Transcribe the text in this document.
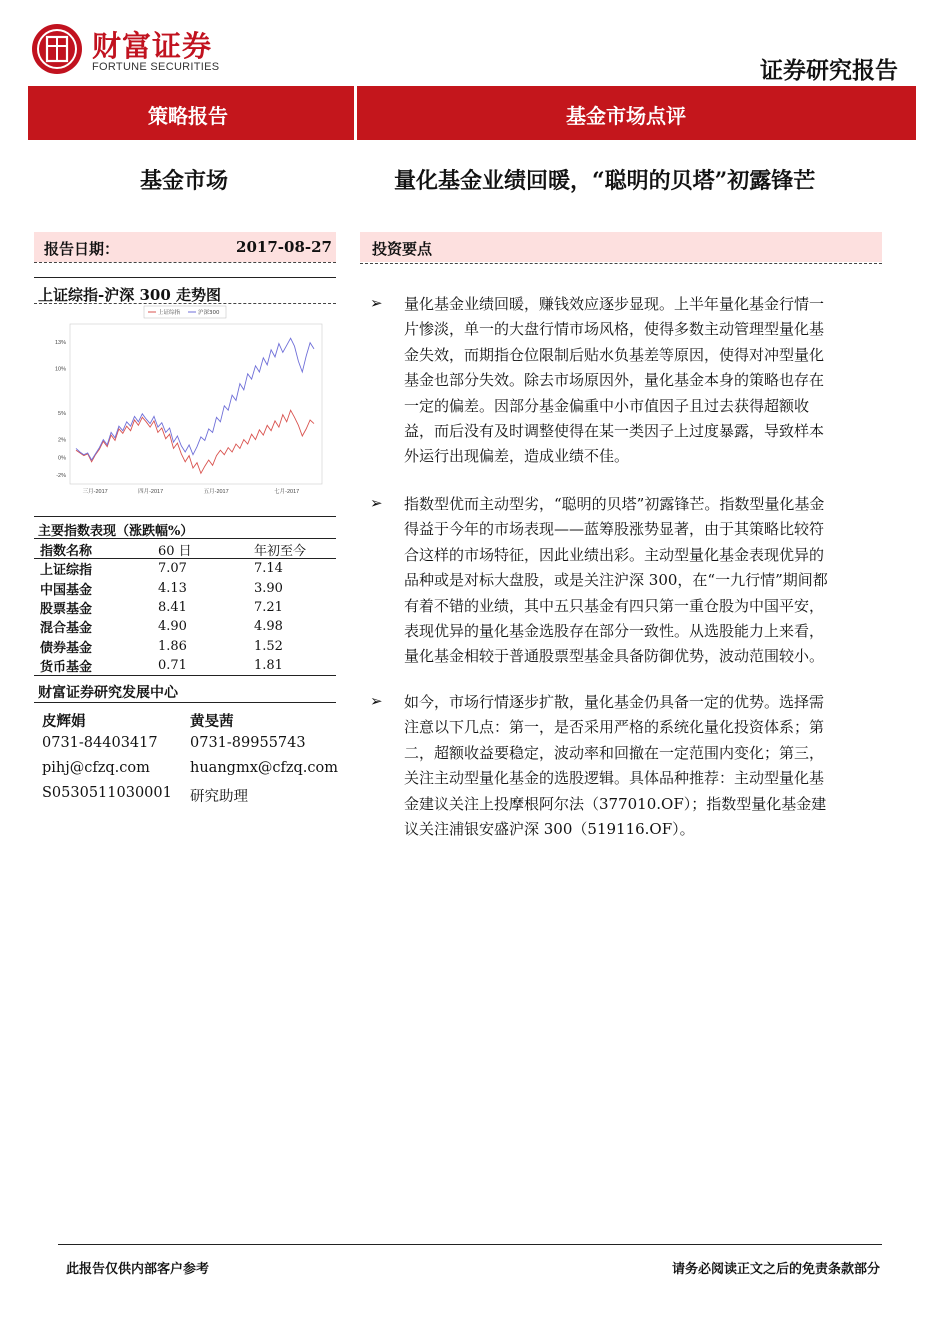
财富证券
FORTUNE SECURITIES	证券研究报告
策略报告	基金市场点评
基金市场	量化基金业绩回暖，“聪明的贝塔”初露锋芒
报告日期：	2017-08-27
上证综指-沪深 300 走势图
13%
10%
5%
2%
0%
-2%
三月-2017	四月-2017	五月-2017	七月-2017
上证综指	沪深300
主要指数表现（涨跌幅%）
指数名称	60 日	年初至今
上证综指	7.07	7.14
中国基金	4.13	3.90
股票基金	8.41	7.21
混合基金	4.90	4.98
债券基金	1.86	1.52
货币基金	0.71	1.81
财富证券研究发展中心
皮辉娟	黄旻茜
0731-84403417 0731-89955743
pihj@cfzq.com	huangmx@cfzq.com
S0530511030001 研究助理
投资要点
➢ 量化基金业绩回暖，赚钱效应逐步显现。上半年量化基金行情一
片惨淡，单一的大盘行情市场风格，使得多数主动管理型量化基
金失效，而期指仓位限制后贴水负基差等原因，使得对冲型量化
基金也部分失效。除去市场原因外，量化基金本身的策略也存在
一定的偏差。因部分基金偏重中小市值因子且过去获得超额收
益，而后没有及时调整使得在某一类因子上过度暴露，导致样本
外运行出现偏差，造成业绩不佳。
➢ 指数型优而主动型劣，“聪明的贝塔”初露锋芒。指数型量化基金
得益于今年的市场表现——蓝筹股涨势显著，由于其策略比较符
合这样的市场特征，因此业绩出彩。主动型量化基金表现优异的
品种或是对标大盘股，或是关注沪深 300，在“一九行情”期间都
有着不错的业绩，其中五只基金有四只第一重仓股为中国平安，
表现优异的量化基金选股存在部分一致性。从选股能力上来看，
量化基金相较于普通股票型基金具备防御优势，波动范围较小。
➢ 如今，市场行情逐步扩散，量化基金仍具备一定的优势。选择需
注意以下几点：第一，是否采用严格的系统化量化投资体系；第
二，超额收益要稳定，波动率和回撤在一定范围内变化；第三，
关注主动型量化基金的选股逻辑。具体品种推荐：主动型量化基
金建议关注上投摩根阿尔法（377010.OF）；指数型量化基金建
议关注浦银安盛沪深 300（519116.OF）。
此报告仅供内部客户参考	请务必阅读正文之后的免责条款部分
